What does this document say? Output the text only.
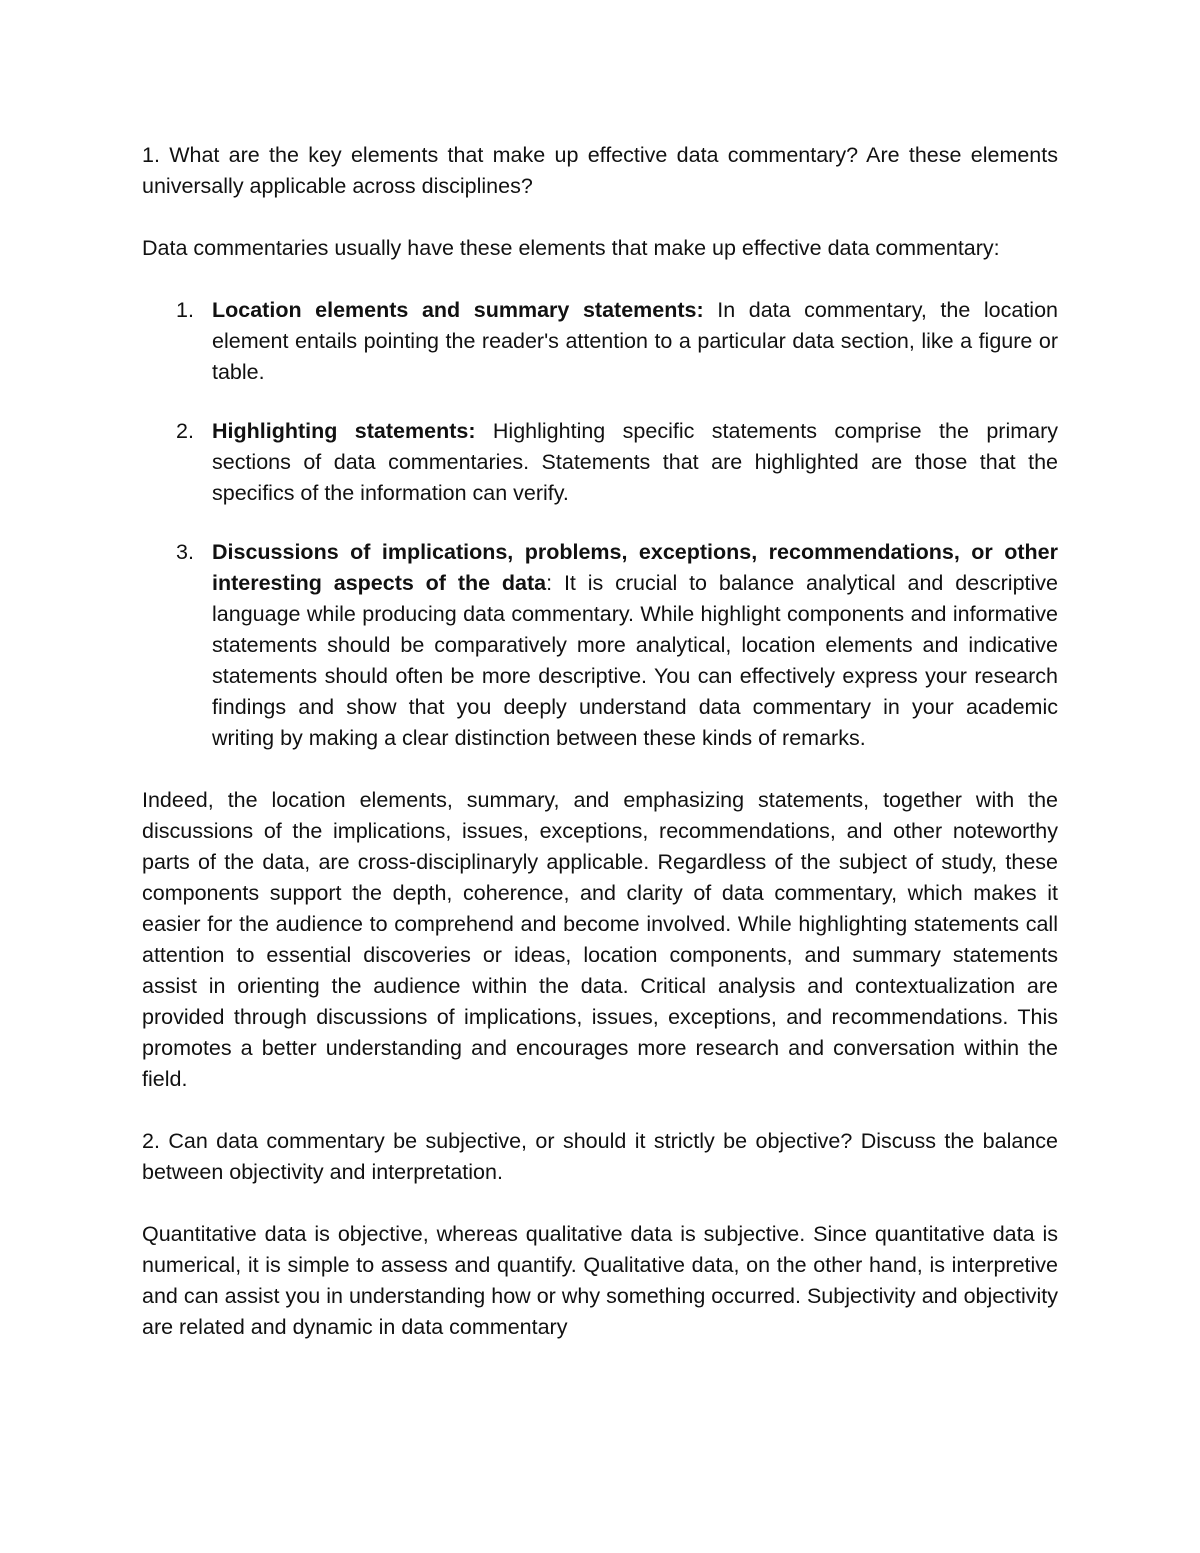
1. What are the key elements that make up effective data commentary? Are these elements universally applicable across disciplines?

Data commentaries usually have these elements that make up effective data commentary:

1. Location elements and summary statements: In data commentary, the location element entails pointing the reader's attention to a particular data section, like a figure or table.
2. Highlighting statements: Highlighting specific statements comprise the primary sections of data commentaries. Statements that are highlighted are those that the specifics of the information can verify.
3. Discussions of implications, problems, exceptions, recommendations, or other interesting aspects of the data: It is crucial to balance analytical and descriptive language while producing data commentary. While highlight components and informative statements should be comparatively more analytical, location elements and indicative statements should often be more descriptive. You can effectively express your research findings and show that you deeply understand data commentary in your academic writing by making a clear distinction between these kinds of remarks.

Indeed, the location elements, summary, and emphasizing statements, together with the discussions of the implications, issues, exceptions, recommendations, and other noteworthy parts of the data, are cross-disciplinaryly applicable. Regardless of the subject of study, these components support the depth, coherence, and clarity of data commentary, which makes it easier for the audience to comprehend and become involved. While highlighting statements call attention to essential discoveries or ideas, location components, and summary statements assist in orienting the audience within the data. Critical analysis and contextualization are provided through discussions of implications, issues, exceptions, and recommendations. This promotes a better understanding and encourages more research and conversation within the field.

2. Can data commentary be subjective, or should it strictly be objective? Discuss the balance between objectivity and interpretation.

Quantitative data is objective, whereas qualitative data is subjective. Since quantitative data is numerical, it is simple to assess and quantify. Qualitative data, on the other hand, is interpretive and can assist you in understanding how or why something occurred. Subjectivity and objectivity are related and dynamic in data commentary
